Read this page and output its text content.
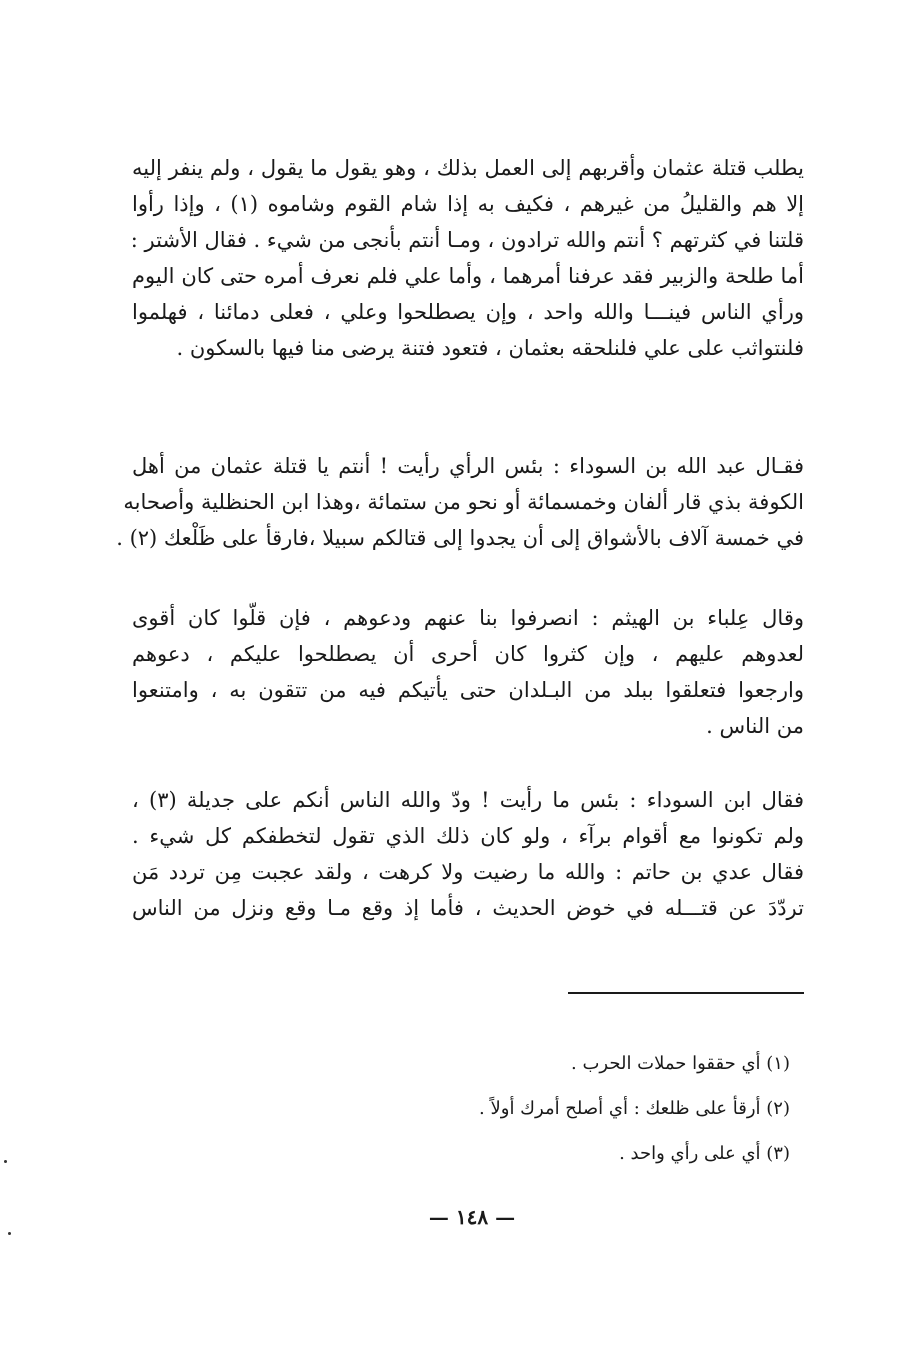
يطلب قتلة عثمان وأقربهم إلى العمل بذلك ، وهو يقول ما يقول ، ولم ينفر إليه
إلا هم والقليلُ من غيرهم ، فكيف به إذا شام القوم وشاموه (١) ، وإذا رأوا
قلتنا في كثرتهم ؟ أنتم والله ترادون ، ومـا أنتم بأنجى من شيء . فقال الأشتر :
أما طلحة والزبير فقد عرفنا أمرهما ، وأما علي فلم نعرف أمره حتى كان اليوم
ورأي الناس فينـــا والله واحد ، وإن يصطلحوا وعلي ، فعلى دمائنا ، فهلموا
فلنتواثب على علي فلنلحقه بعثمان ، فتعود فتنة يرضى منا فيها بالسكون .
فقـال عبد الله بن السوداء : بئس الرأي رأيت ! أنتم يا قتلة عثمان من أهل
الكوفة بذي قار ألفان وخمسمائة أو نحو من ستمائة ،وهذا ابن الحنظلية وأصحابه
في خمسة آلاف بالأشواق إلى أن يجدوا إلى قتالكم سبيلا ،فارقأ على ظَلْعك (٢) .
وقال عِلباء بن الهيثم : انصرفوا بنا عنهم ودعوهم ، فإن قلّوا كان أقوى
لعدوهم عليهم ، وإن كثروا كان أحرى أن يصطلحوا عليكم ، دعوهم
وارجعوا فتعلقوا ببلد من البـلدان حتى يأتيكم فيه من تتقون به ، وامتنعوا
من الناس .
فقال ابن السوداء : بئس ما رأيت ! ودّ والله الناس أنكم على جديلة (٣) ،
ولم تكونوا مع أقوام برآء ، ولو كان ذلك الذي تقول لتخطفكم كل شيء .
فقال عدي بن حاتم : والله ما رضيت ولا كرهت ، ولقد عجبت مِن تردد مَن
تردّدَ عن قتـــله في خوض الحديث ، فأما إذ وقع مـا وقع ونزل من الناس
(١) أي حققوا حملات الحرب .
(٢) أرقأ على ظلعك : أي أصلح أمرك أولاً .
(٣) أي على رأي واحد .
— ١٤٨ —
